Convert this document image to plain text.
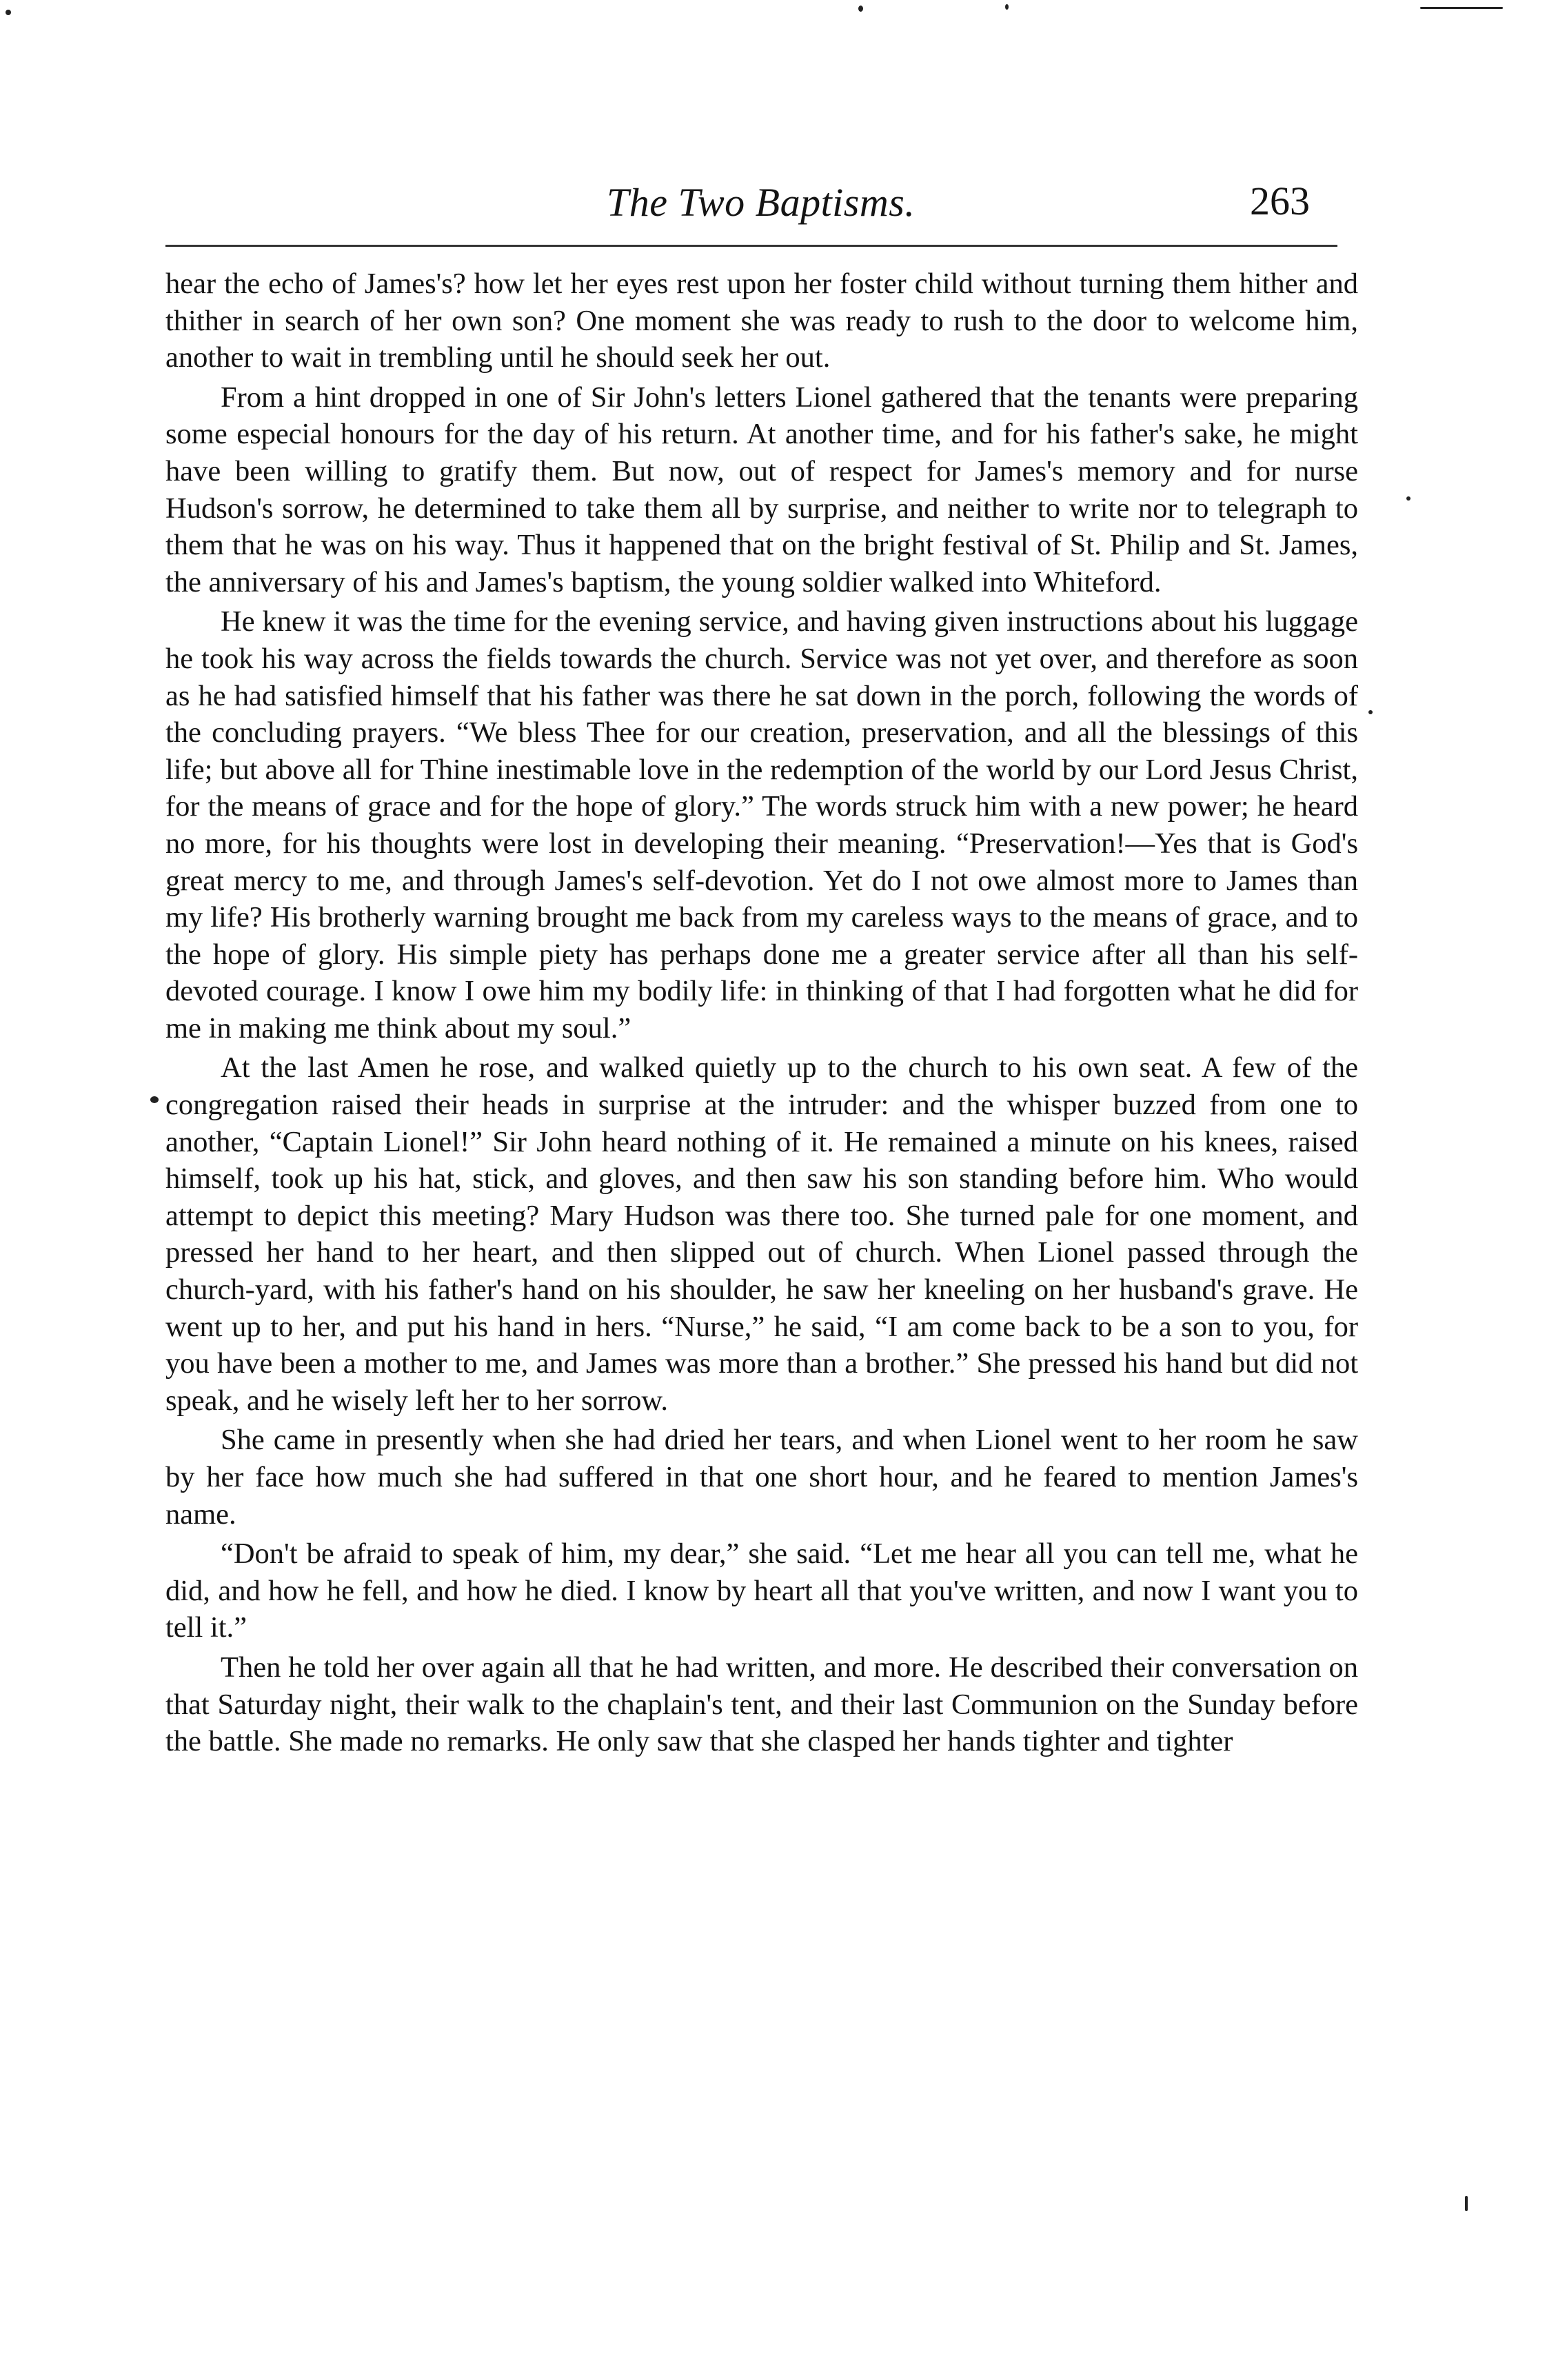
The Two Baptisms.	263

hear the echo of James's? how let her eyes rest upon her foster child without turning them hither and thither in search of her own son? One moment she was ready to rush to the door to welcome him, another to wait in trembling until he should seek her out.

From a hint dropped in one of Sir John's letters Lionel gathered that the tenants were preparing some especial honours for the day of his return. At another time, and for his father's sake, he might have been willing to gratify them. But now, out of respect for James's memory and for nurse Hudson's sorrow, he determined to take them all by surprise, and neither to write nor to telegraph to them that he was on his way. Thus it happened that on the bright festival of St. Philip and St. James, the anniversary of his and James's baptism, the young soldier walked into Whiteford.

He knew it was the time for the evening service, and having given instructions about his luggage he took his way across the fields towards the church. Service was not yet over, and therefore as soon as he had satisfied himself that his father was there he sat down in the porch, following the words of the concluding prayers. “We bless Thee for our creation, preservation, and all the blessings of this life; but above all for Thine inestimable love in the redemption of the world by our Lord Jesus Christ, for the means of grace and for the hope of glory.” The words struck him with a new power; he heard no more, for his thoughts were lost in developing their meaning. “Preservation!—Yes that is God's great mercy to me, and through James's self-devotion. Yet do I not owe almost more to James than my life? His brotherly warning brought me back from my careless ways to the means of grace, and to the hope of glory. His simple piety has perhaps done me a greater service after all than his self-devoted courage. I know I owe him my bodily life: in thinking of that I had forgotten what he did for me in making me think about my soul.”

At the last Amen he rose, and walked quietly up to the church to his own seat. A few of the congregation raised their heads in surprise at the intruder: and the whisper buzzed from one to another, “Captain Lionel!” Sir John heard nothing of it. He remained a minute on his knees, raised himself, took up his hat, stick, and gloves, and then saw his son standing before him. Who would attempt to depict this meeting? Mary Hudson was there too. She turned pale for one moment, and pressed her hand to her heart, and then slipped out of church. When Lionel passed through the church-yard, with his father's hand on his shoulder, he saw her kneeling on her husband's grave. He went up to her, and put his hand in hers. “Nurse,” he said, “I am come back to be a son to you, for you have been a mother to me, and James was more than a brother.” She pressed his hand but did not speak, and he wisely left her to her sorrow.

She came in presently when she had dried her tears, and when Lionel went to her room he saw by her face how much she had suffered in that one short hour, and he feared to mention James's name.

“Don't be afraid to speak of him, my dear,” she said. “Let me hear all you can tell me, what he did, and how he fell, and how he died. I know by heart all that you've written, and now I want you to tell it.”

Then he told her over again all that he had written, and more. He described their conversation on that Saturday night, their walk to the chaplain's tent, and their last Communion on the Sunday before the battle. She made no remarks. He only saw that she clasped her hands tighter and tighter
